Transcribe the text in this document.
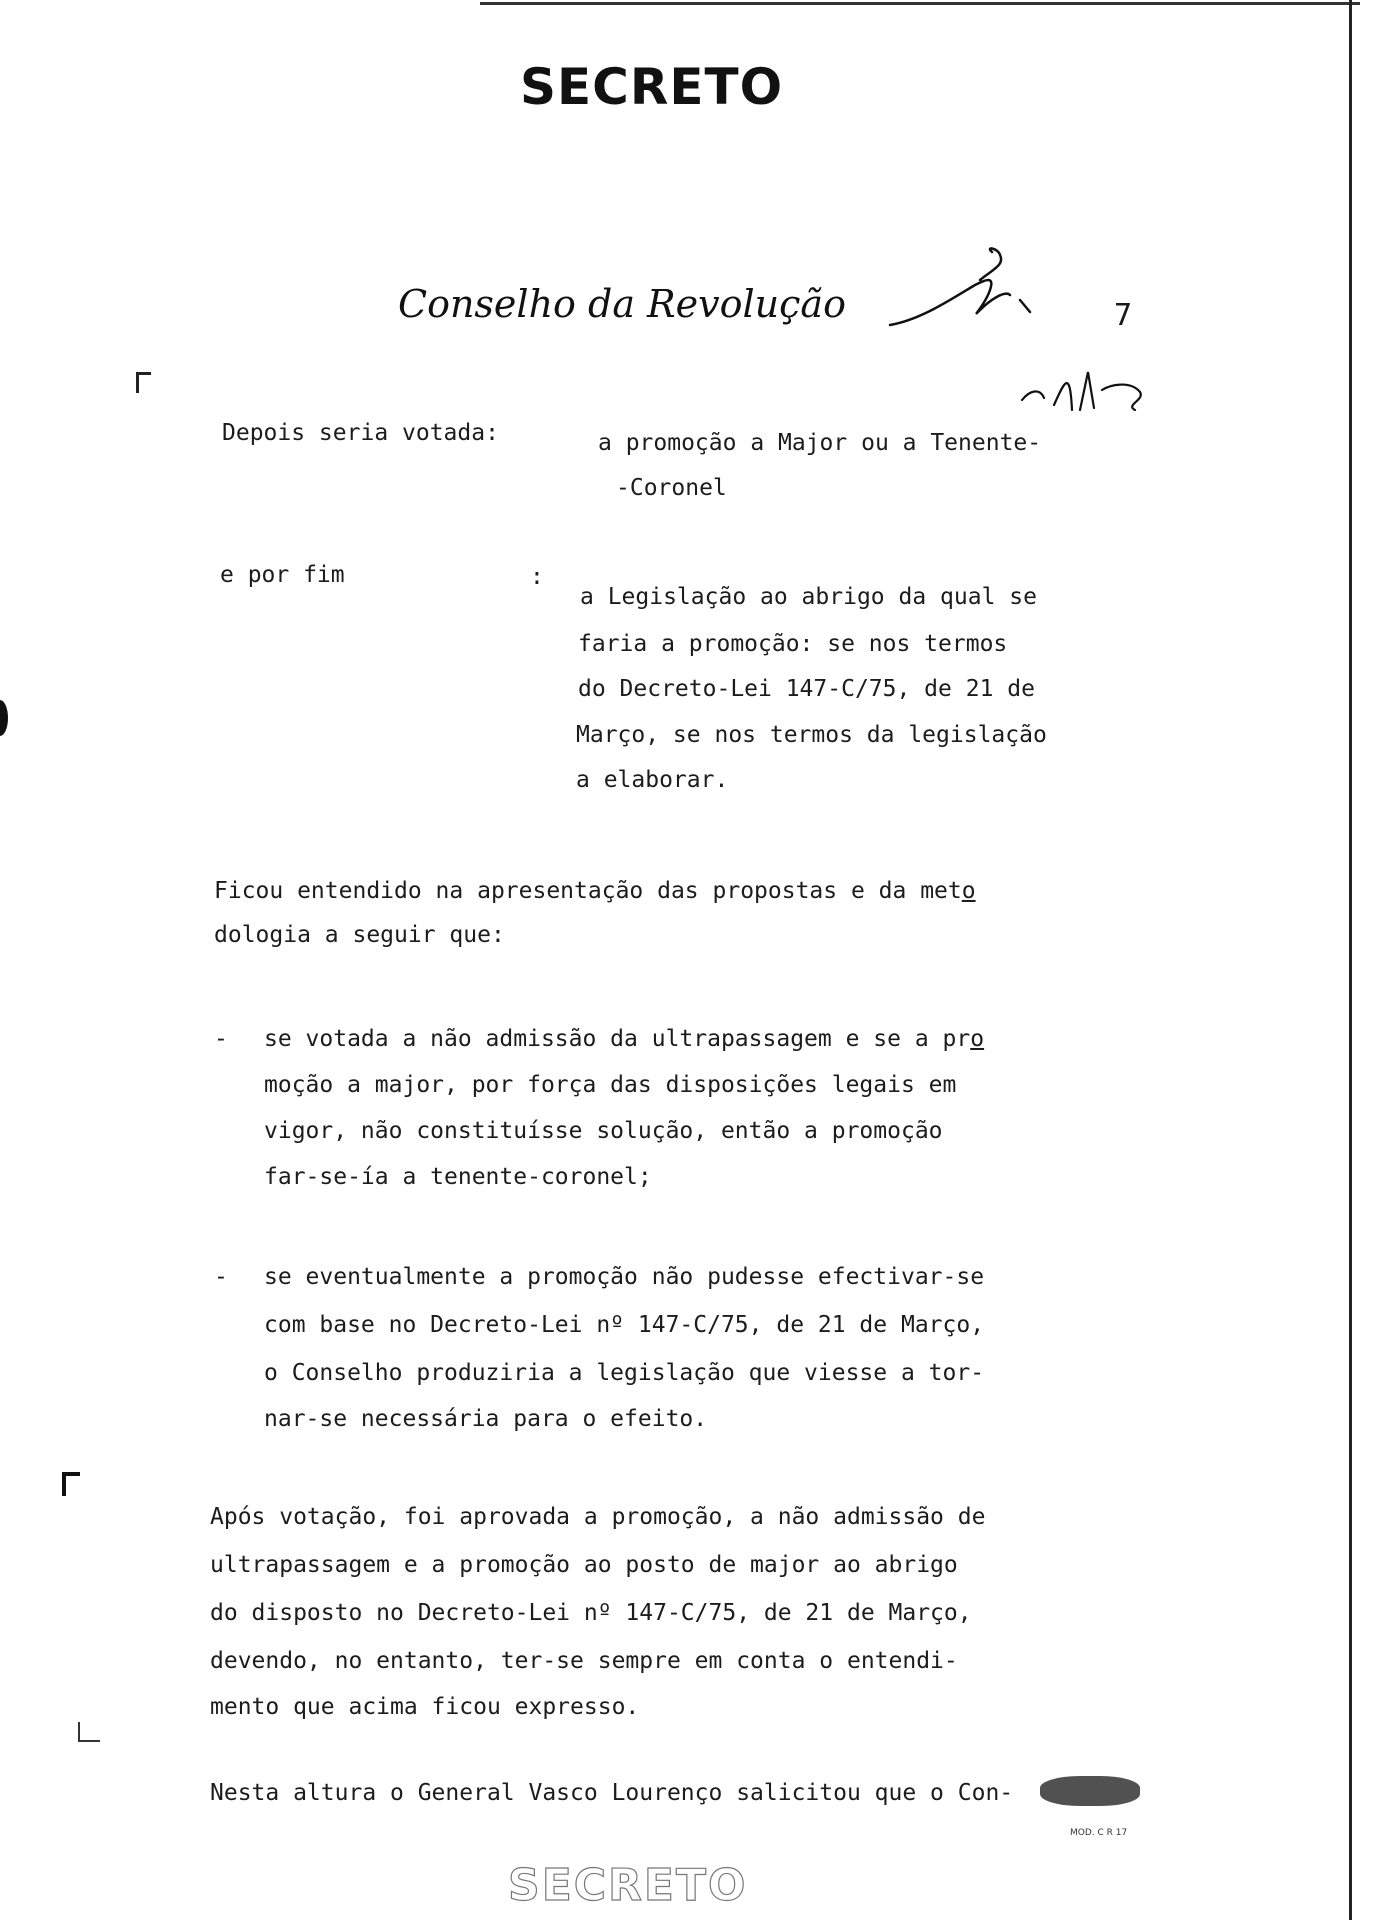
SECRETO
Conselho da Revolução	7
Depois seria votada:	a promoção a Major ou a Tenente-
-Coronel
e por fim	:
a Legislação ao abrigo da qual se
faria a promoção: se nos termos
do Decreto-Lei 147-C/75, de 21 de
Março, se nos termos da legislação
a elaborar.
Ficou entendido na apresentação das propostas e da meto
dologia a seguir que:
- se votada a não admissão da ultrapassagem e se a pro
moção a major, por força das disposições legais em
vigor, não constituísse solução, então a promoção
far-se-ía a tenente-coronel;
- se eventualmente a promoção não pudesse efectivar-se
com base no Decreto-Lei nº 147-C/75, de 21 de Março,
o Conselho produziria a legislação que viesse a tor-
nar-se necessária para o efeito.
Após votação, foi aprovada a promoção, a não admissão de
ultrapassagem e a promoção ao posto de major ao abrigo
do disposto no Decreto-Lei nº 147-C/75, de 21 de Março,
devendo, no entanto, ter-se sempre em conta o entendi-
mento que acima ficou expresso.
Nesta altura o General Vasco Lourenço salicitou que o Con-
MOD. C R 17
SECRETO
